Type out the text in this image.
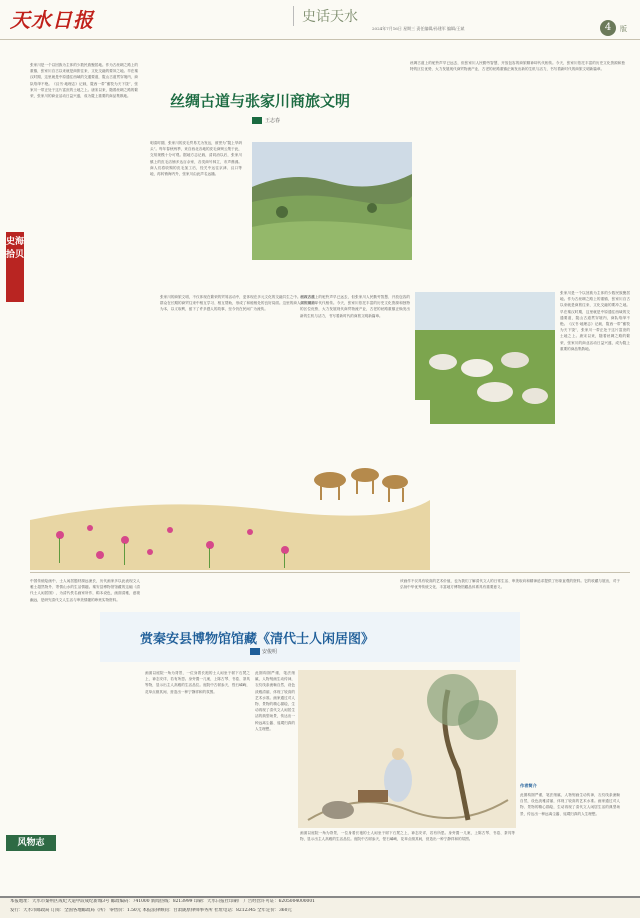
天水日报	史话天水
2024年7月16日 星期三 责任编辑/孙建军 编辑/王斌	4	版
丝绸古道与张家川商旅文明
王志春
史海拾贝
张家川是一个以回族为主体的少数民族聚居地。作为古丝绸之路上的重镇，张家川自古以来就是商旅往来、文化交融的要冲之地。早在秦汉时期，这里就是中原通往西域的交通要道，陇山古道贯穿境内，商队络绎不绝。《汉书·地理志》记载，陇西一带“畜牧为天下饶”，张家川一带正处于这片富庶的土地之上。唐宋以来，随着丝绸之路的繁荣，张家川的商业活动日益兴盛，成为陇上重要的商品集散地。
明清时期，张家川的皮毛贸易尤为发达，被誉为“陇上旱码头”。每年春秋两季，来自西北各地的皮毛商贩云集于此，交易规模十分可观。据地方志记载，清同治以后，张家川镇上的皮毛店铺多达百余家，各类商号林立，市声鼎沸。商人们将收购的皮毛加工后，经关中运往京津、汉口等地，再转销海内外，张家川由此声名远播。
张家川的商旅文明，不仅体现在繁荣的贸易活动中，更体现在多元文化的交融共生之中。回汉各族群众在长期的商贸往来中相互学习、相互帮助，形成了和睦相处的良好局面。这里的商人讲究诚信为本，以义取利，留下了许多感人的故事，至今仍在民间广为流传。
丝绸古道上的驼铃声早已远去，但张家川人民勤劳智慧、开放包容的商旅精神却代代相传。今天，张家川依托丰富的历史文化资源和独特的区位优势，大力发展现代商贸物流产业，古老的丝路重镇正焕发出新的生机与活力，书写着新时代的商旅文明新篇章。
丝绸古道上的驼铃声早已远去，但张家川人民勤劳智慧、开放包容的商旅精神却代代相传。今天，张家川依托丰富的历史文化资源和独特的区位优势，大力发展现代商贸物流产业，古老的丝路重镇正焕发出新的生机与活力，书写着新时代的商旅文明新篇章。
张家川是一个以回族为主体的少数民族聚居地。作为古丝绸之路上的重镇，张家川自古以来就是商旅往来、文化交融的要冲之地。早在秦汉时期，这里就是中原通往西域的交通要道，陇山古道贯穿境内，商队络绎不绝。《汉书·地理志》记载，陇西一带“畜牧为天下饶”，张家川一带正处于这片富庶的土地之上。唐宋以来，随着丝绸之路的繁荣，张家川的商业活动日益兴盛，成为陇上重要的商品集散地。
赏秦安县博物馆馆藏《清代士人闲居图》
安俊明
中国传统绘画中，士人闲居题材源远流长，历代画家多以此表现文人雅士超然物外、寄情山水的生活情趣。秦安县博物馆馆藏的这幅《清代士人闲居图》，为清代佚名画家所作，绢本设色，画面清雅，意境幽远，是研究清代文人生活与审美情趣的珍贵实物资料。
画面以庭院一角为背景，一位身着长袍的士人闲坐于树下石凳之上，神态安详，若有所思。身旁置一几案，上陈古琴、书卷、茶具等物，显示出主人高雅的生活品位。庭院中古树参天，怪石嶙峋，花草点缀其间，营造出一种宁静祥和的氛围。
此图构图严谨，笔法细腻，人物刻画生动传神，衣纹线条流畅自然，设色淡雅清丽，体现了较高的艺术水准。画家通过对人物、景物的精心描绘，生动再现了清代文人闲居生活的典型场景，传达出一种远离尘嚣、返璞归真的人生理想。
该画作不仅具有较高的艺术价值，也为我们了解清代文人的日常生活、审美取向和精神追求提供了形象直观的资料。它的收藏与展出，对于弘扬中华优秀传统文化、丰富地方博物馆藏品体系具有重要意义。
作者简介
此图构图严谨，笔法细腻，人物刻画生动传神，衣纹线条流畅自然，设色淡雅清丽，体现了较高的艺术水准。画家通过对人物、景物的精心描绘，生动再现了清代文人闲居生活的典型场景，传达出一种远离尘嚣、返璞归真的人生理想。
画面以庭院一角为背景，一位身着长袍的士人闲坐于树下石凳之上，神态安详，若有所思。身旁置一几案，上陈古琴、书卷、茶具等物，显示出主人高雅的生活品位。庭院中古树参天，怪石嶙峋，花草点缀其间，营造出一种宁静祥和的氛围。
风物志
本报地址：天水市秦州区成纪大道中段成纪新城3号 邮政编码：741000 新闻热线：8213999 印刷：天水日报社印刷厂 广告经营许可证：6205004000001
发行：天水市邮政局 订阅：全国各地邮政局（所） 零售价：1.50元 本报法律顾问：甘肃陇原律师事务所 社址电话：8212345 全年定价：360元
